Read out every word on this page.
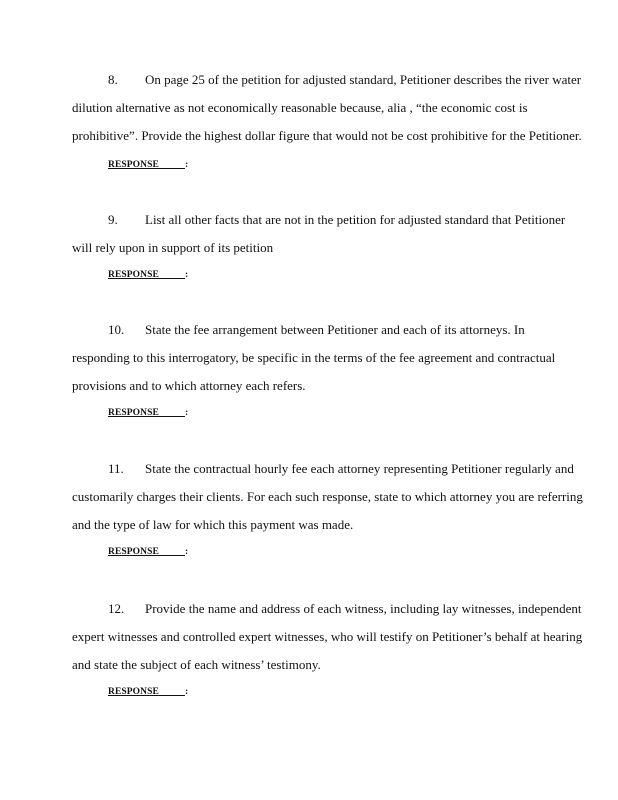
8. On page 25 of the petition for adjusted standard, Petitioner describes the river water
dilution alternative as not economically reasonable because, alia , “the economic cost is
prohibitive”. Provide the highest dollar figure that would not be cost prohibitive for the Petitioner.
RESPONSE	:
9. List all other facts that are not in the petition for adjusted standard that Petitioner
will rely upon in support of its petition
RESPONSE	:
10. State the fee arrangement between Petitioner and each of its attorneys. In
responding to this interrogatory, be specific in the terms of the fee agreement and contractual
provisions and to which attorney each refers.
RESPONSE	:
11. State the contractual hourly fee each attorney representing Petitioner regularly and
customarily charges their clients. For each such response, state to which attorney you are referring
and the type of law for which this payment was made.
RESPONSE	:
12. Provide the name and address of each witness, including lay witnesses, independent
expert witnesses and controlled expert witnesses, who will testify on Petitioner’s behalf at hearing
and state the subject of each witness’ testimony.
RESPONSE	:
